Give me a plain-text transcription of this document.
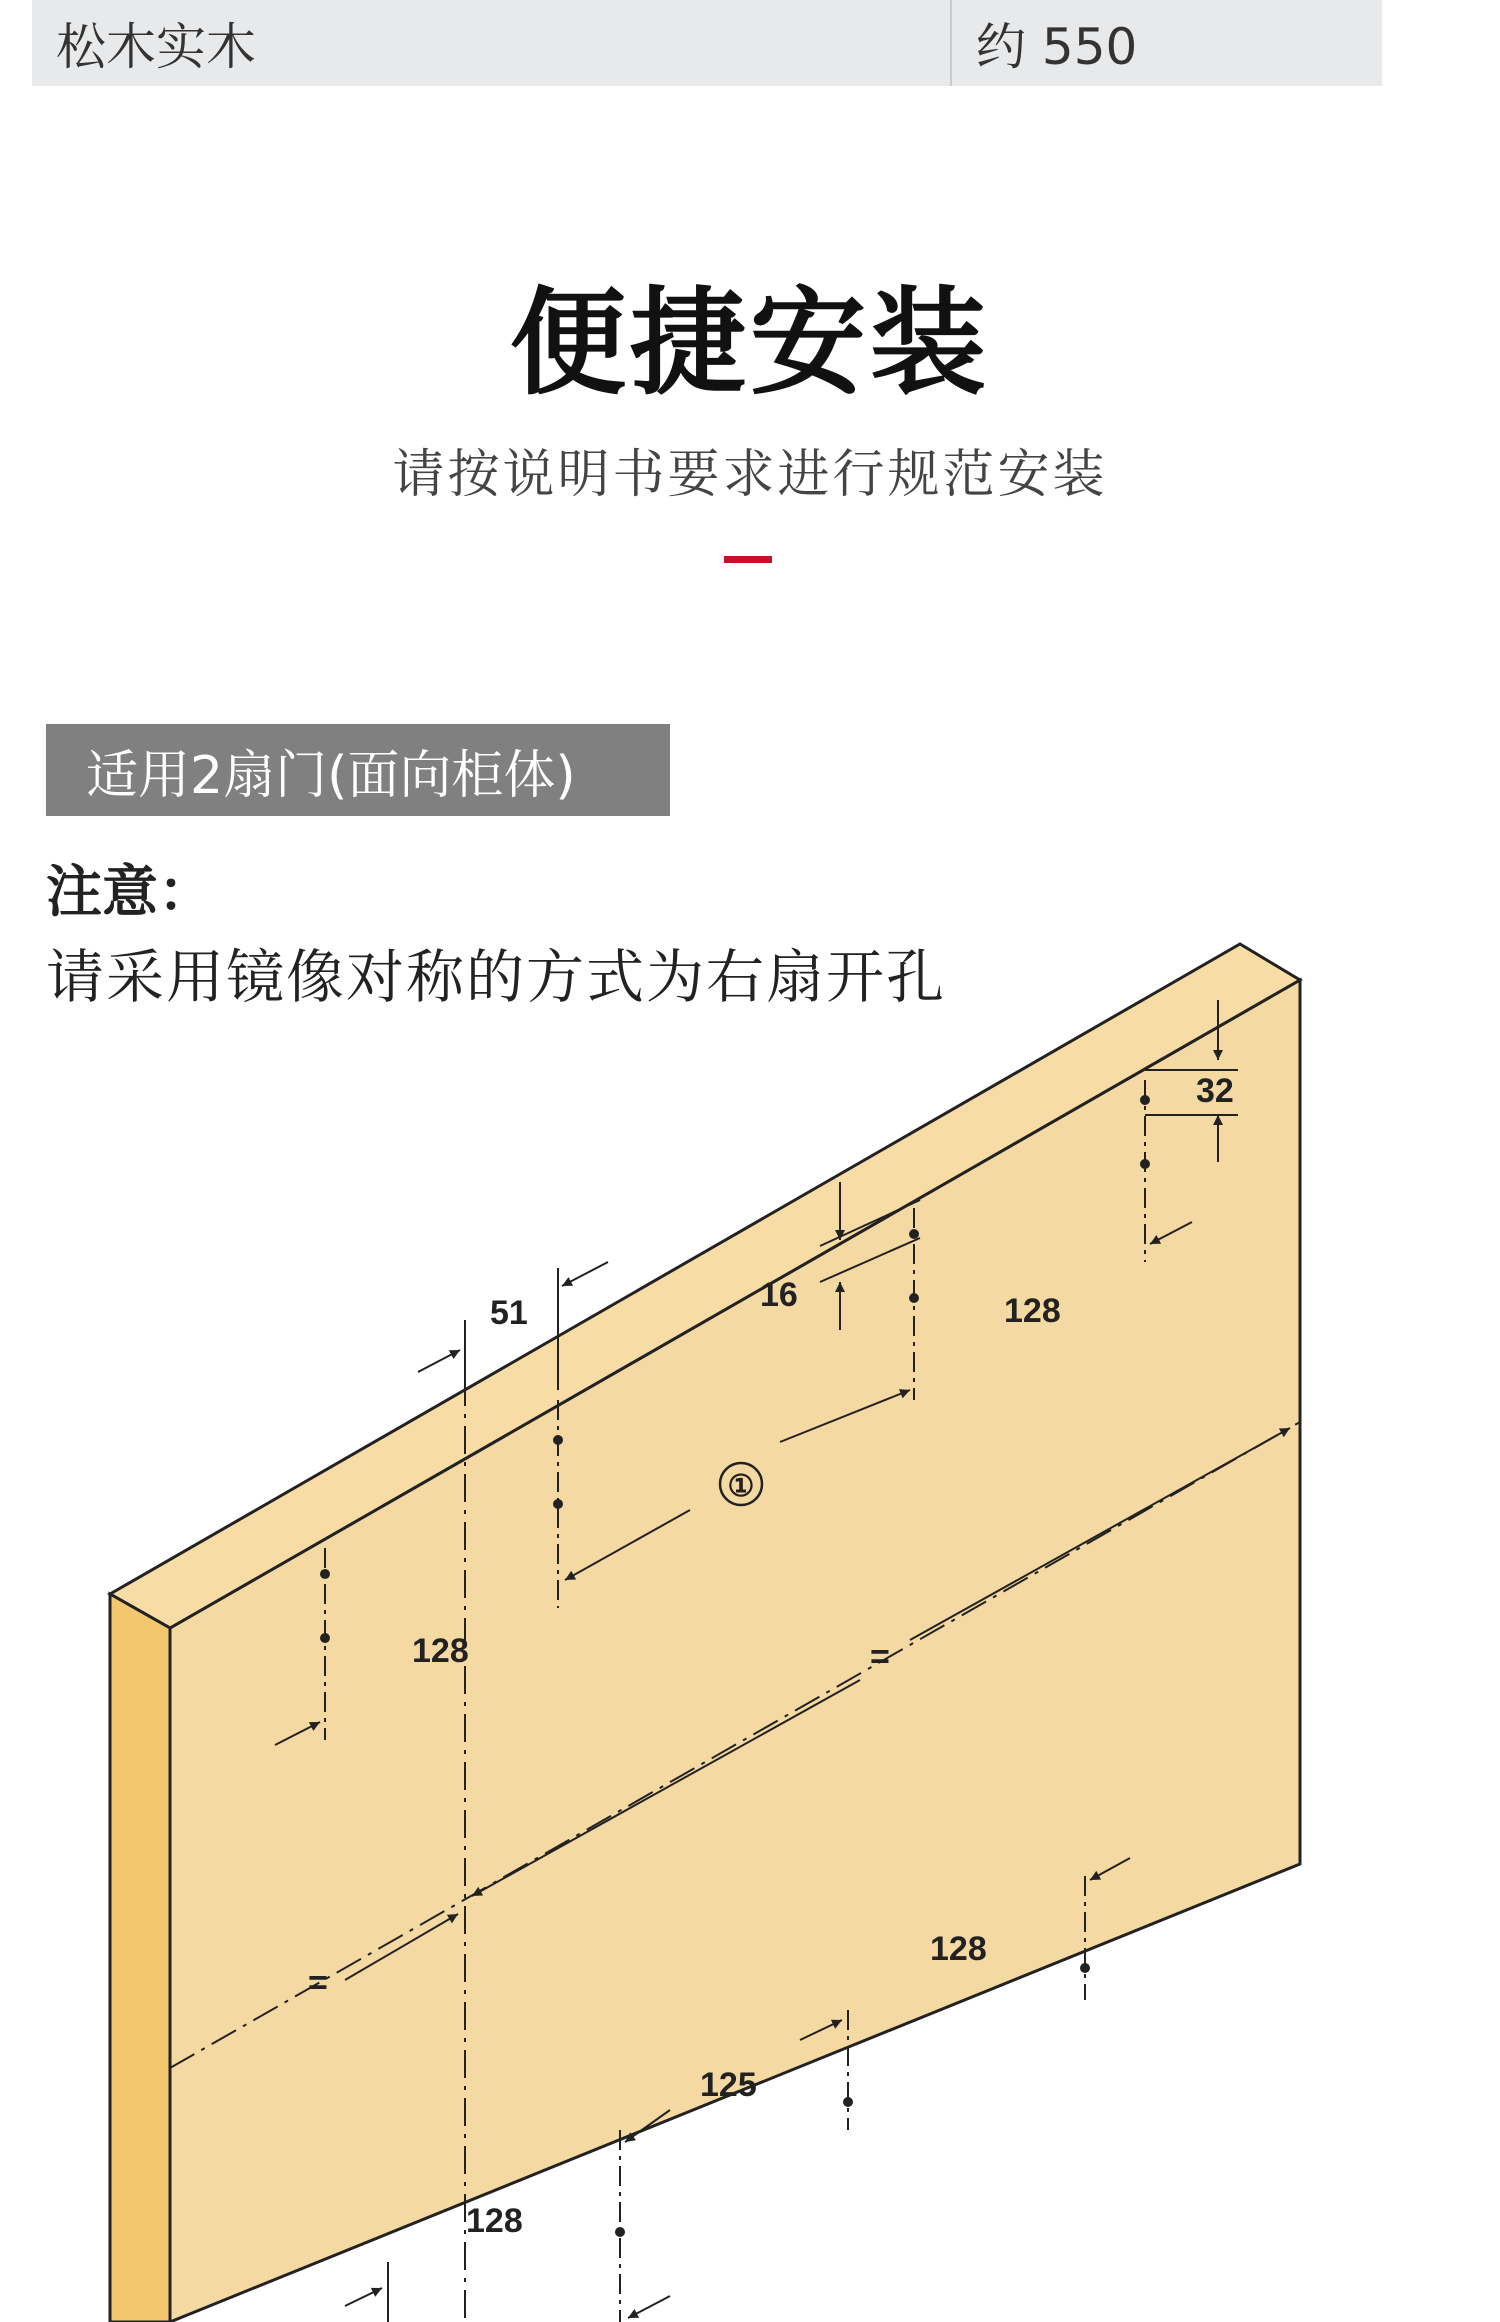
松木实木	约 550
便捷安装
请按说明书要求进行规范安装
适用2扇门(面向柜体)
注意：
请采用镜像对称的方式为右扇开孔
32
16	128
51
①
128	=
=
128
125
128
